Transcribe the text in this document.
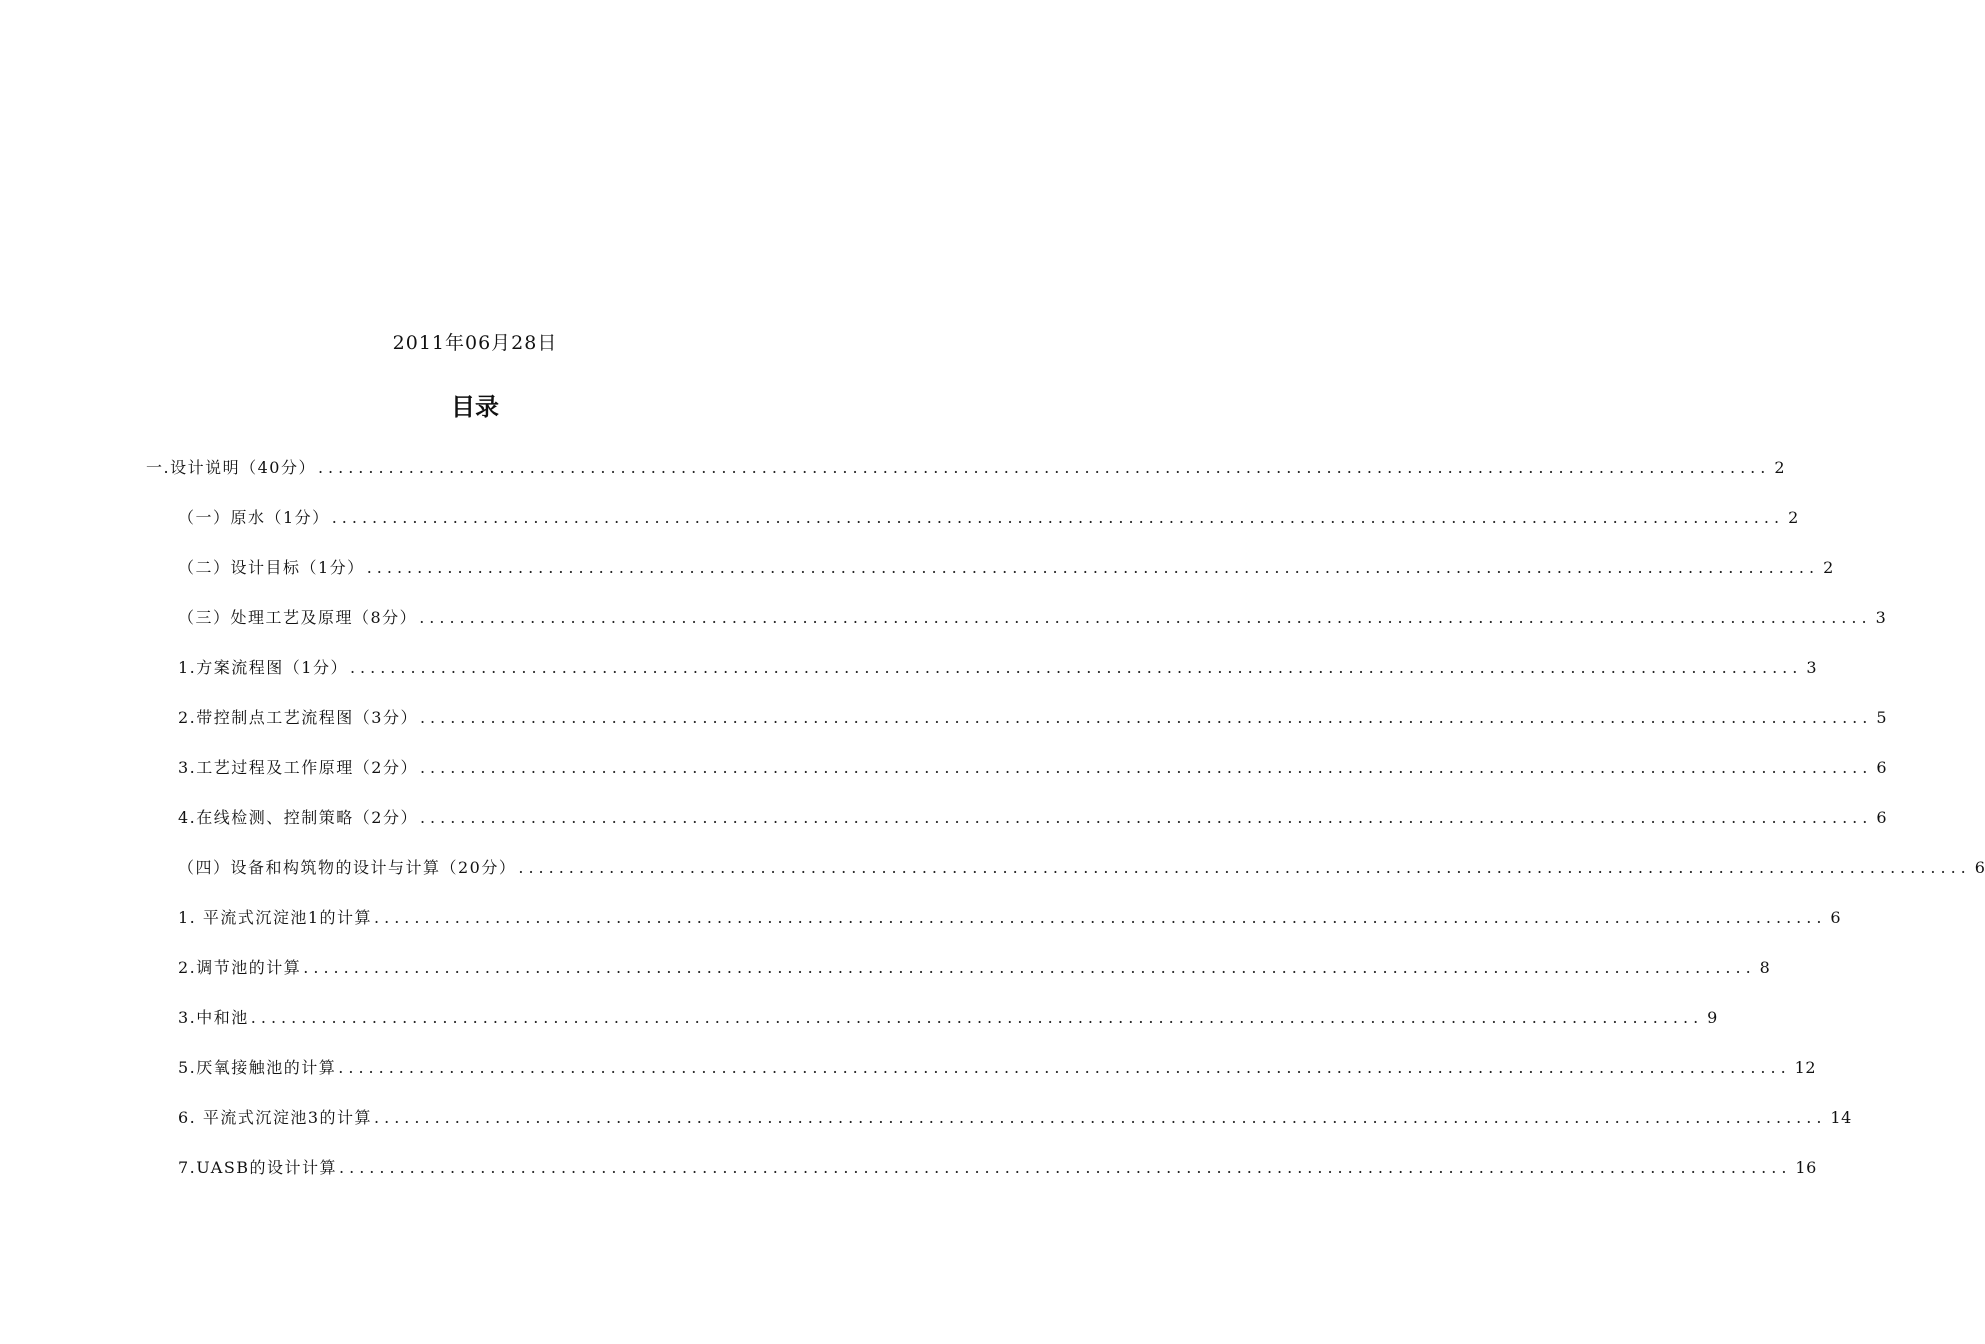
2011年06月28日
目录
一.设计说明（40分） ................................................................................................................................................ 2
（一）原水（1分） ................................................................................................................................................ 2
（二）设计目标（1分） ................................................................................................................................................ 2
（三）处理工艺及原理（8分） ................................................................................................................................................ 3
1.方案流程图（1分） ................................................................................................................................................ 3
2.带控制点工艺流程图（3分） ................................................................................................................................................ 5
3.工艺过程及工作原理（2分） ................................................................................................................................................ 6
4.在线检测、控制策略（2分） ................................................................................................................................................ 6
（四）设备和构筑物的设计与计算（20分） ................................................................................................................................................ 6
1. 平流式沉淀池1的计算 ................................................................................................................................................ 6
2.调节池的计算 ................................................................................................................................................ 8
3.中和池 ................................................................................................................................................ 9
5.厌氧接触池的计算 ................................................................................................................................................ 12
6. 平流式沉淀池3的计算 ................................................................................................................................................ 14
7.UASB的设计计算 ................................................................................................................................................ 16
